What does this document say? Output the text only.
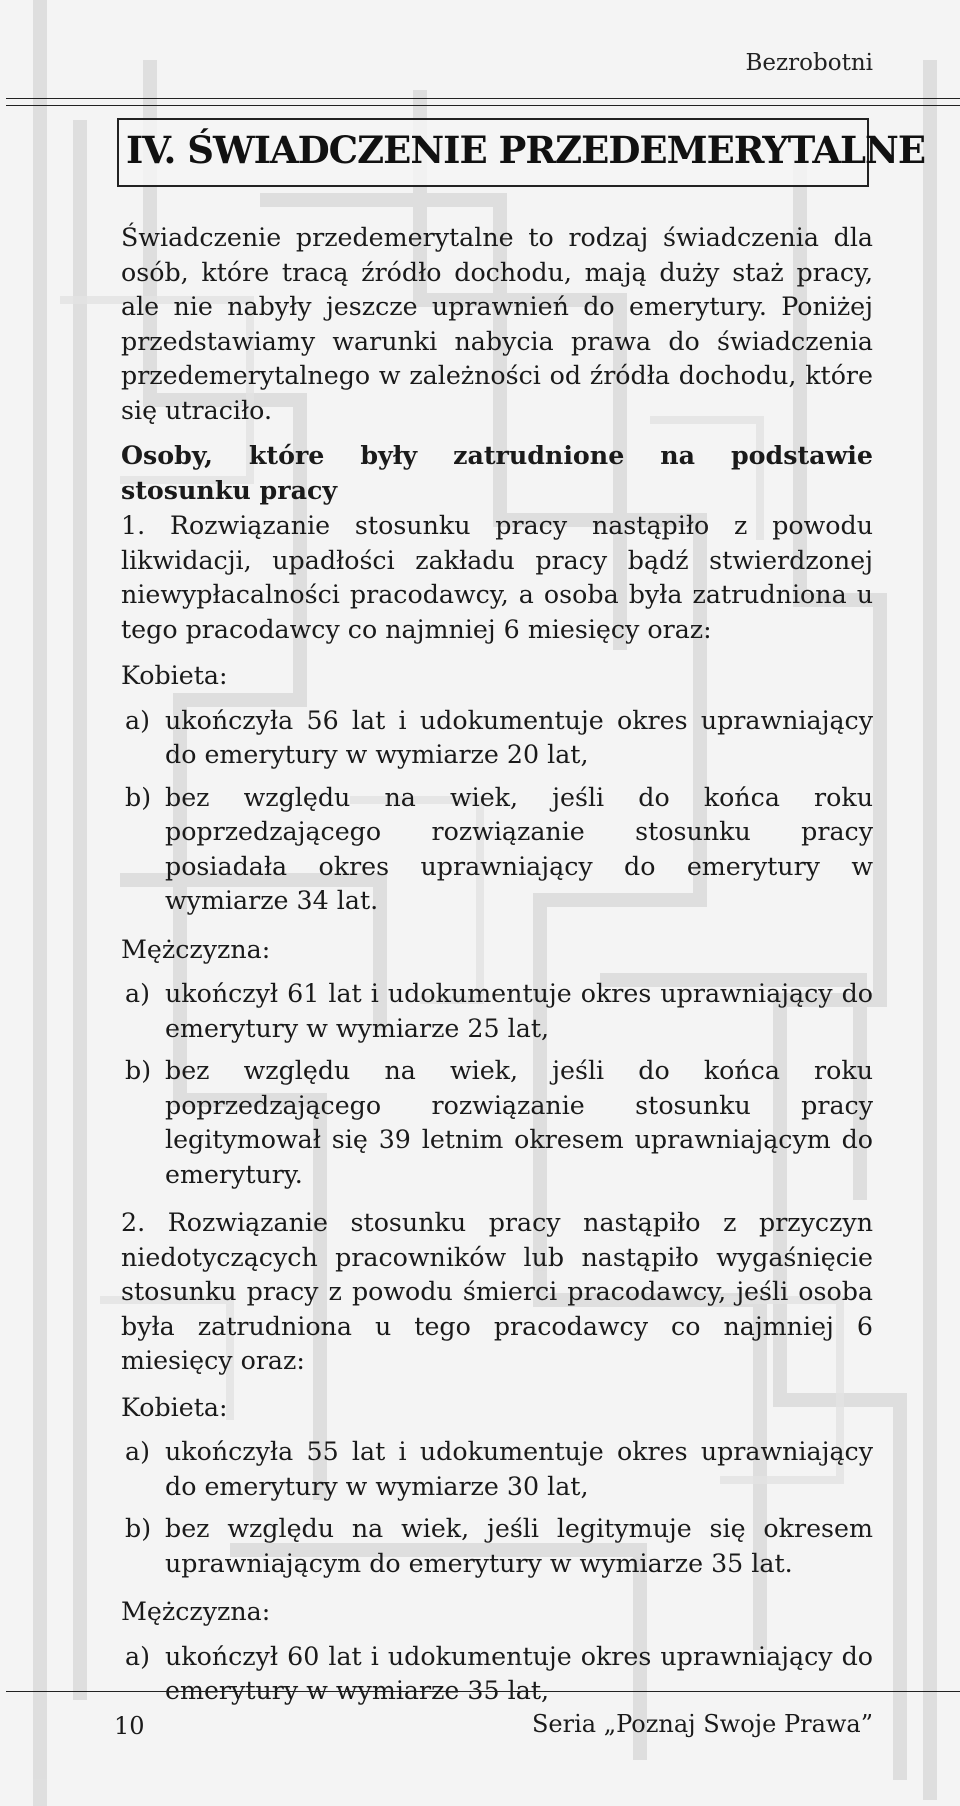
Bezrobotni
IV. ŚWIADCZENIE PRZEDEMERYTALNE

Świadczenie przedemerytalne to rodzaj świadczenia dla osób, które tracą źródło dochodu, mają duży staż pracy, ale nie nabyły jeszcze uprawnień do emerytury. Poniżej przedstawiamy warunki nabycia prawa do świadczenia przedemerytalnego w zależności od źródła dochodu, które się utraciło.

Osoby, które były zatrudnione na podstawie stosunku pracy

1. Rozwiązanie stosunku pracy nastąpiło z powodu likwidacji, upadłości zakładu pracy bądź stwierdzonej niewypłacalności pracodawcy, a osoba była zatrudniona u tego pracodawcy co najmniej 6 miesięcy oraz:

Kobieta:

a) ukończyła 56 lat i udokumentuje okres uprawniający do emerytury w wymiarze 20 lat,
b) bez względu na wiek, jeśli do końca roku poprzedzającego rozwiązanie stosunku pracy posiadała okres uprawniający do emerytury w wymiarze 34 lat.

Mężczyzna:

a) ukończył 61 lat i udokumentuje okres uprawniający do emerytury w wymiarze 25 lat,
b) bez względu na wiek, jeśli do końca roku poprzedzającego rozwiązanie stosunku pracy legitymował się 39 letnim okresem uprawniającym do emerytury.

2. Rozwiązanie stosunku pracy nastąpiło z przyczyn niedotyczących pracowników lub nastąpiło wygaśnięcie stosunku pracy z powodu śmierci pracodawcy, jeśli osoba była zatrudniona u tego pracodawcy co najmniej 6 miesięcy oraz:

Kobieta:

a) ukończyła 55 lat i udokumentuje okres uprawniający do emerytury w wymiarze 30 lat,
b) bez względu na wiek, jeśli legitymuje się okresem uprawniającym do emerytury w wymiarze 35 lat.

Mężczyzna:

a) ukończył 60 lat i udokumentuje okres uprawniający do emerytury w wymiarze 35 lat,
10	Seria „Poznaj Swoje Prawa”
